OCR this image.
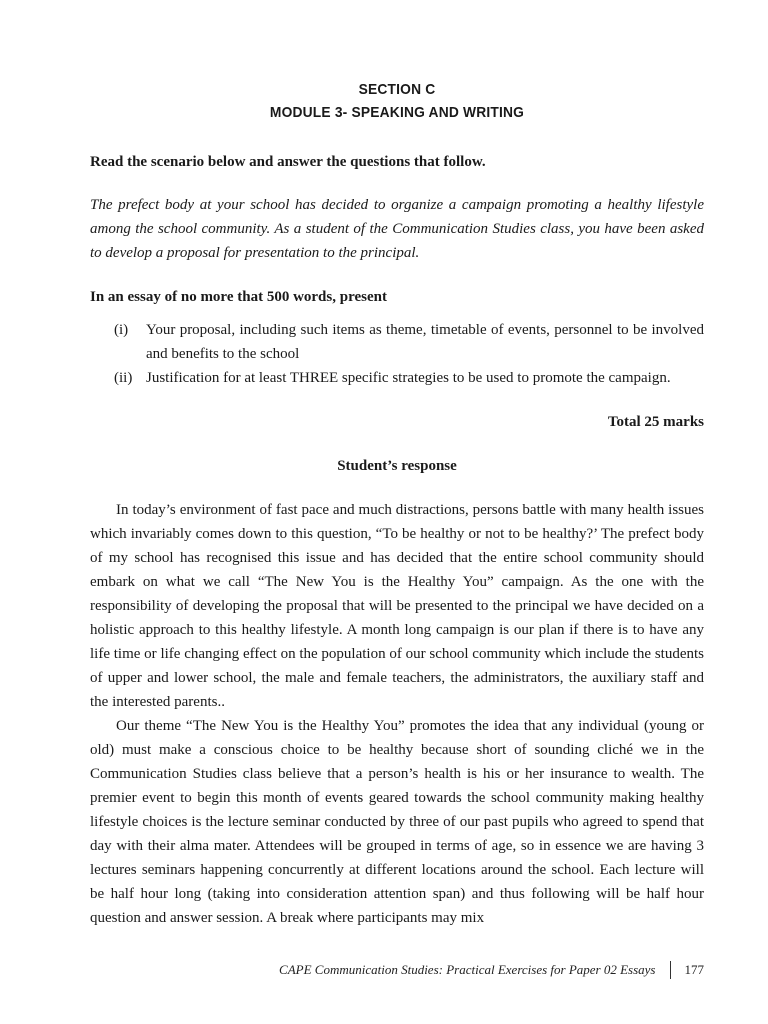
SECTION C
MODULE 3- SPEAKING AND WRITING
Read the scenario below and answer the questions that follow.
The prefect body at your school has decided to organize a campaign promoting a healthy lifestyle among the school community. As a student of the Communication Studies class, you have been asked to develop a proposal for presentation to the principal.
In an essay of no more that 500 words, present
(i)	Your proposal, including such items as theme, timetable of events, personnel to be involved and benefits to the school
(ii) Justification for at least THREE specific strategies to be used to promote the campaign.
Total 25 marks
Student’s response
In today’s environment of fast pace and much distractions, persons battle with many health issues which invariably comes down to this question, “To be healthy or not to be healthy?’ The prefect body of my school has recognised this issue and has decided that the entire school community should embark on what we call “The New You is the Healthy You” campaign. As the one with the responsibility of developing the proposal that will be presented to the principal we have decided on a holistic approach to this healthy lifestyle. A month long campaign is our plan if there is to have any life time or life changing effect on the population of our school community which include the students of upper and lower school, the male and female teachers, the administrators, the auxiliary staff and the interested parents..
Our theme “The New You is the Healthy You” promotes the idea that any individual (young or old) must make a conscious choice to be healthy because short of sounding cliché we in the Communication Studies class believe that a person’s health is his or her insurance to wealth. The premier event to begin this month of events geared towards the school community making healthy lifestyle choices is the lecture seminar conducted by three of our past pupils who agreed to spend that day with their alma mater. Attendees will be grouped in terms of age, so in essence we are having 3 lectures seminars happening concurrently at different locations around the school. Each lecture will be half hour long (taking into consideration attention span) and thus following will be half hour question and answer session. A break where participants may mix
CAPE Communication Studies: Practical Exercises for Paper 02 Essays 177
